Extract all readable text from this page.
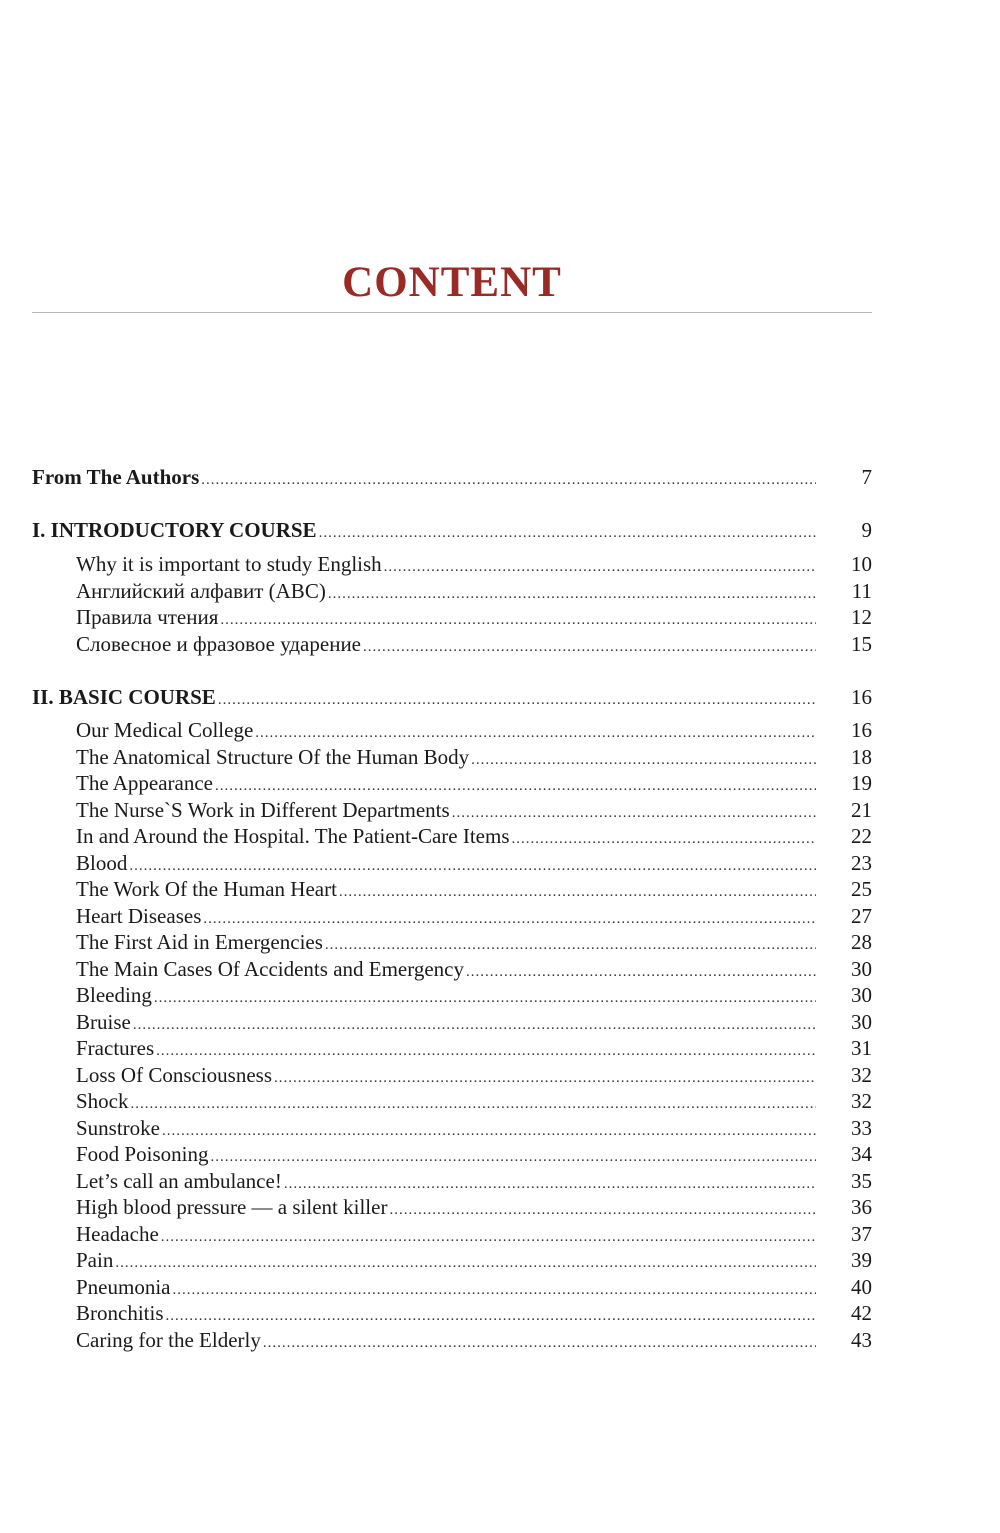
CONTENT
From The Authors .....	7
I. INTRODUCTORY COURSE .....	9
Why it is important to study English .....	10
Английский алфавит (ABC) .....	11
Правила чтения .....	12
Словесное и фразовое ударение .....	15
II. BASIC COURSE .....	16
Our Medical College .....	16
The Anatomical Structure Of the Human Body .....	18
The Appearance .....	19
The Nurse`S Work in Different Departments .....	21
In and Around the Hospital. The Patient-Care Items .....	22
Blood .....	23
The Work Of the Human Heart .....	25
Heart Diseases .....	27
The First Aid in Emergencies .....	28
The Main Cases Of Accidents and Emergency .....	30
Bleeding .....	30
Bruise .....	30
Fractures .....	31
Loss Of Consciousness .....	32
Shock .....	32
Sunstroke .....	33
Food Poisoning .....	34
Let’s call an ambulance! .....	35
High blood pressure — a silent killer .....	36
Headache .....	37
Pain .....	39
Pneumonia .....	40
Bronchitis .....	42
Caring for the Elderly .....	43
